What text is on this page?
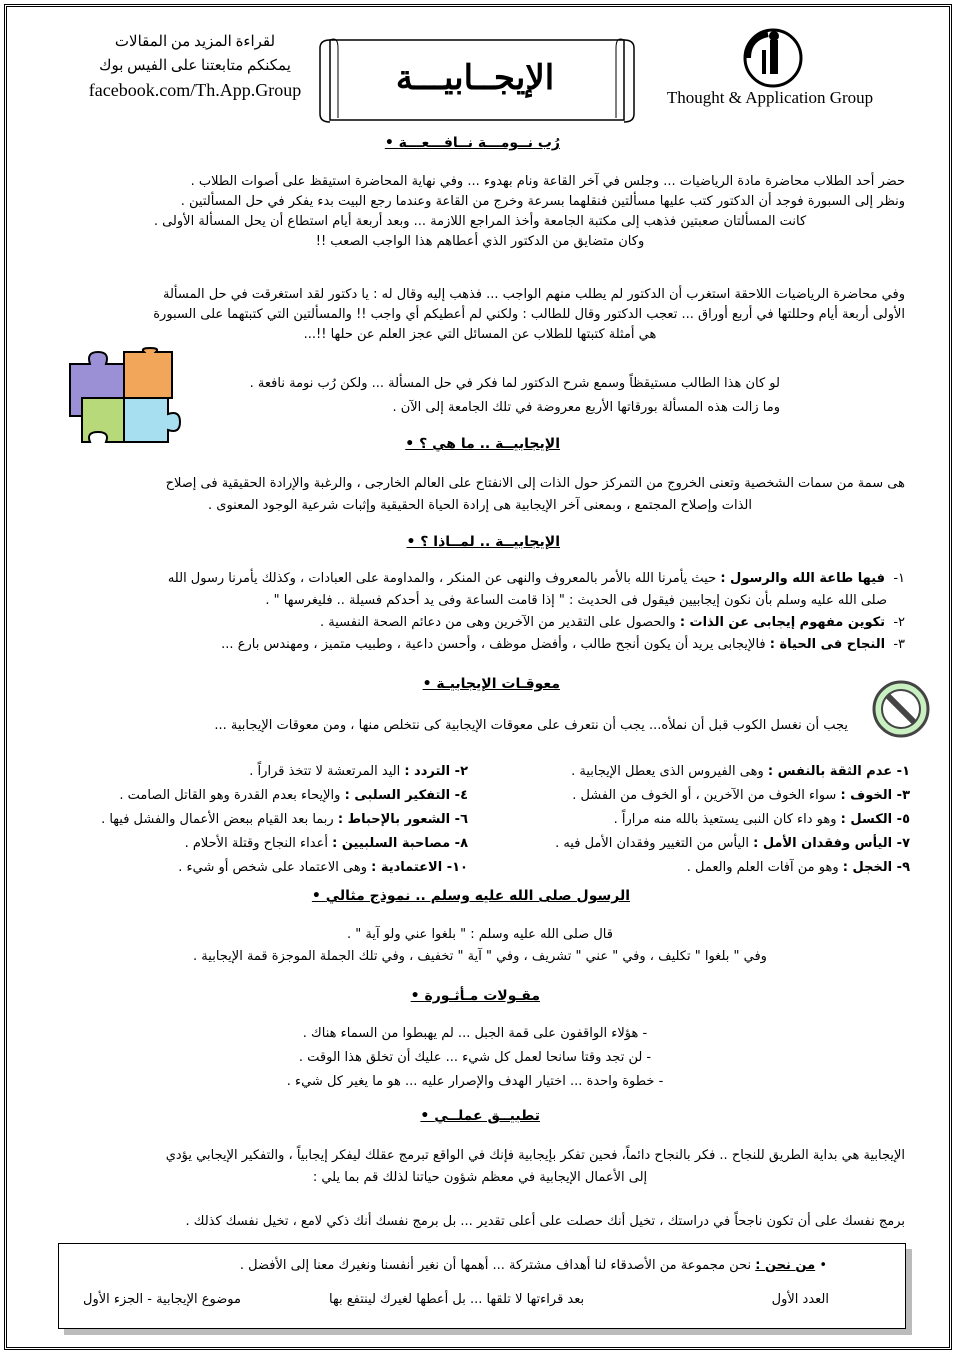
لقراءة المزيد من المقالات
يمكنكم متابعتنا على الفيس بوك
facebook.com/Th.App.Group	الإيجــابيـــة	Thought & Application Group
رُب نــومـــة نــافـــعـــة •
حضر أحد الطلاب محاضرة مادة الرياضيات ... وجلس في آخر القاعة ونام بهدوء ... وفي نهاية المحاضرة استيقظ على أصوات الطلاب .
ونظر إلى السبورة فوجد أن الدكتور كتب عليها مسألتين فنقلهما بسرعة وخرج من القاعة وعندما رجع البيت بدء يفكر في حل المسألتين .
كانت المسألتان صعبتين فذهب إلى مكتبة الجامعة وأخذ المراجع اللازمة ... وبعد أربعة أيام استطاع أن يحل المسألة الأولى .
وكان متضايق من الدكتور الذي أعطاهم هذا الواجب الصعب !!
وفي محاضرة الرياضيات اللاحقة استغرب أن الدكتور لم يطلب منهم الواجب ... فذهب إليه وقال له : يا دكتور لقد استغرقت في حل المسألة
الأولى أربعة أيام وحللتها في أربع أوراق ... تعجب الدكتور وقال للطالب : ولكني لم أعطيكم أي واجب !! والمسألتين التي كتبتهما على السبورة
هي أمثلة كتبتها للطلاب عن المسائل التي عجز العلم عن حلها !!...
لو كان هذا الطالب مستيقظاً وسمع شرح الدكتور لما فكر في حل المسألة ... ولكن رُب نومة نافعة .
وما زالت هذه المسألة بورقاتها الأربع معروضة في تلك الجامعة إلى الآن .
الإيجابيــة .. ما هي ؟ •
هى سمة من سمات الشخصية وتعنى الخروج من التمركز حول الذات إلى الانفتاح على العالم الخارجى ، والرغبة والإرادة الحقيقية فى إصلاح
الذات وإصلاح المجتمع ، وبمعنى آخر الإيجابية هى إرادة الحياة الحقيقية وإثبات شرعية الوجود المعنوى .
الإيجابيــة .. لمــاذا ؟ •
١-  فيها طاعة الله والرسول : حيث يأمرنا الله بالأمر بالمعروف والنهى عن المنكر ، والمداومة على العبادات ، وكذلك يأمرنا رسول الله
صلى الله عليه وسلم بأن نكون إيجابيين فيقول فى الحديث : " إذا قامت الساعة وفى يد أحدكم فسيلة .. فليغرسها " .
٢-  تكوين مفهوم إيجابى عن الذات : والحصول على التقدير من الآخرين وهى من دعائم الصحة النفسية .
٣-  النجاح فى الحياة : فالإيجابى يريد أن يكون أنجح طالب ، وأفضل موظف ، وأحسن داعية ، وطبيب متميز ، ومهندس بارع ...
معوقـات الإيجابيـة •
يجب أن نغسل الكوب قبل أن نملأه... يجب أن نتعرف على معوقات الإيجابية كى نتخلص منها ، ومن معوقات الإيجابية ...
١- عدم الثقة بالنفس : وهى الفيروس الذى يعطل الإيجابية .
٣- الخوف : سواء الخوف من الآخرين ، أو الخوف من الفشل .
٥- الكسل : وهو داء كان النبى يستعيذ بالله منه مراراً .
٧- اليأس وفقدان الأمل : اليأس من التغيير وفقدان الأمل فيه .
٩- الخجل : وهو من آفات العلم والعمل .
٢- التردد : اليد المرتعشة لا تتخذ قراراً .
٤- التفكير السلبى : والإيحاء بعدم القدرة وهو القاتل الصامت .
٦- الشعور بالإحباط : ربما بعد القيام ببعض الأعمال والفشل فيها .
٨- مصاحبة السلبيين : أعداء النجاح وقتلة الأحلام .
١٠- الاعتمادية : وهى الاعتماد على شخص أو شيء .
الرسول صلى الله عليه وسلم .. نموذج مثالي •
قال صلى الله عليه وسلم : " بلغوا عني ولو آية " .
وفي " بلغوا " تكليف ، وفي " عني " تشريف ، وفي " آية " تخفيف ، وفي تلك الجملة الموجزة قمة الإيجابية .
مقـولات مـأثـورة •
- هؤلاء الواقفون على قمة الجبل ... لم يهبطوا من السماء هناك .
- لن تجد وقتا سانحا لعمل كل شيء ... عليك أن تخلق هذا الوقت .
- خطوة واحدة ... اختيار الهدف والإصرار عليه ... هو ما يغير كل شيء .
تطبيــق عملــي •
الإيجابية هي بداية الطريق للنجاح .. فكر بالنجاح دائماً، فحين تفكر بإيجابية فإنك في الواقع تبرمج عقلك ليفكر إيجابياً ، والتفكير الإيجابي يؤدي
إلى الأعمال الإيجابية في معظم شؤون حياتنا لذلك قم بما يلي :
برمج نفسك على أن تكون ناجحاً في دراستك ، تخيل أنك حصلت على أعلى تقدير ... بل برمج نفسك أنك ذكي لامع ، تخيل نفسك كذلك .
• من نحن : نحن مجموعة من الأصدقاء لنا أهداف مشتركة ... أهمها أن نغير أنفسنا ونغيرك معنا إلى الأفضل .
العدد الأول
بعد قراءتها لا تلقها ... بل أعطها لغيرك لينتفع بها
موضوع الإيجابية - الجزء الأول
